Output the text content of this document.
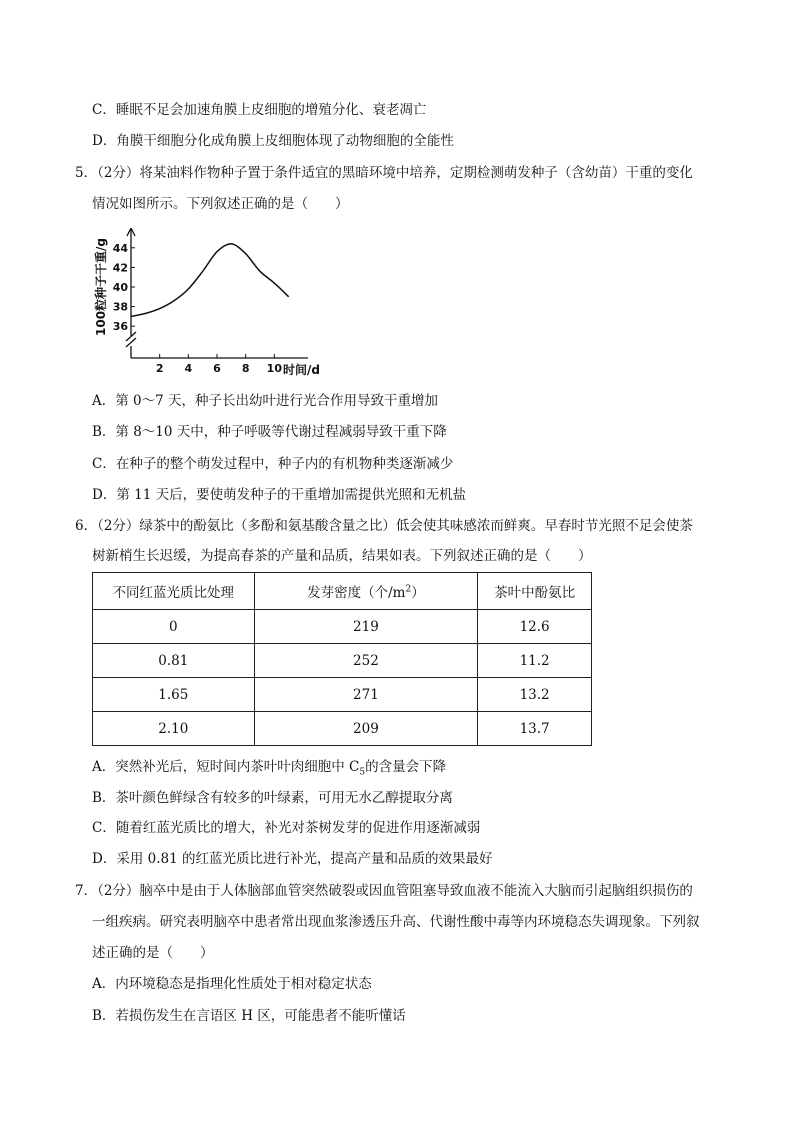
C．睡眠不足会加速角膜上皮细胞的增殖分化、衰老凋亡
D．角膜干细胞分化成角膜上皮细胞体现了动物细胞的全能性
5．（2分）将某油料作物种子置于条件适宜的黑暗环境中培养，定期检测萌发种子（含幼苗）干重的变化
情况如图所示。下列叙述正确的是（　　）
36
38
40
42
44
2 4 6 8 10
100粒种子干重/g
时间/d
A．第 0～7 天，种子长出幼叶进行光合作用导致干重增加
B．第 8～10 天中，种子呼吸等代谢过程减弱导致干重下降
C．在种子的整个萌发过程中，种子内的有机物种类逐渐减少
D．第 11 天后，要使萌发种子的干重增加需提供光照和无机盐
6．（2分）绿茶中的酚氨比（多酚和氨基酸含量之比）低会使其味感浓而鲜爽。早春时节光照不足会使茶
树新梢生长迟缓，为提高春茶的产量和品质，结果如表。下列叙述正确的是（　　）
不同红蓝光质比处理	发芽密度（个$/m^2$）	茶叶中酚氨比
0	219	12.6
0.81	252	11.2
1.65	271	13.2
2.10	209	13.7
A．突然补光后，短时间内茶叶叶肉细胞中 $C_5$的含量会下降
B．茶叶颜色鲜绿含有较多的叶绿素，可用无水乙醇提取分离
C．随着红蓝光质比的增大，补光对茶树发芽的促进作用逐渐减弱
D．采用 0.81 的红蓝光质比进行补光，提高产量和品质的效果最好
7．（2分）脑卒中是由于人体脑部血管突然破裂或因血管阻塞导致血液不能流入大脑而引起脑组织损伤的
一组疾病。研究表明脑卒中患者常出现血浆渗透压升高、代谢性酸中毒等内环境稳态失调现象。下列叙
述正确的是（　　）
A．内环境稳态是指理化性质处于相对稳定状态
B．若损伤发生在言语区 H 区，可能患者不能听懂话
